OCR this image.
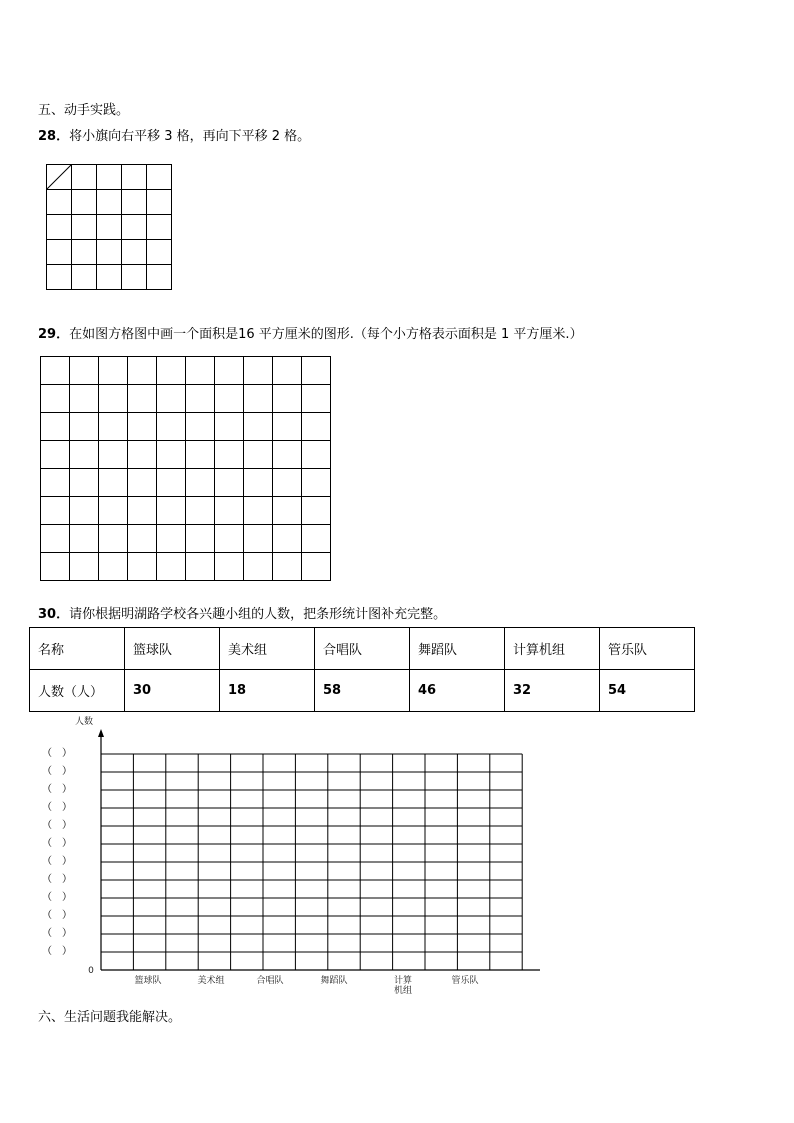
五、动手实践。
28．将小旗向右平移 3 格，再向下平移 2 格。

29．在如图方格图中画一个面积是16 平方厘米的图形.（每个小方格表示面积是 1 平方厘米.）

30．请你根据明湖路学校各兴趣小组的人数，把条形统计图补充完整。
名称	篮球队	美术组	合唱队	舞蹈队	计算机组	管乐队
人数（人）	30	18	58	46	32	54
人数
0
（　）
（　）
（　）
（　）
（　）
（　）
（　）
（　）
（　）
（　）
（　）
（　）
篮球队	美术组	合唱队	舞蹈队	计算
机组
管乐队
六、生活问题我能解决。
